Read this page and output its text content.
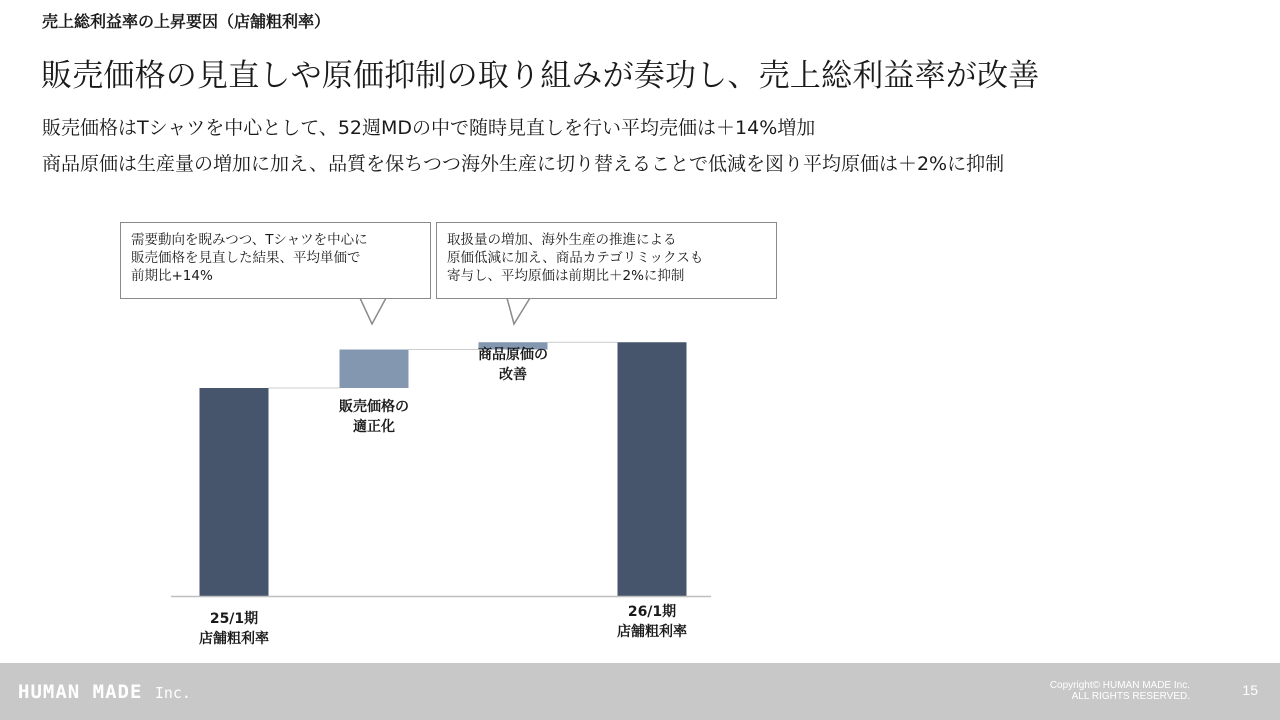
売上総利益率の上昇要因（店舗粗利率）
販売価格の見直しや原価抑制の取り組みが奏功し、売上総利益率が改善
販売価格はTシャツを中心として、52週MDの中で随時見直しを行い平均売価は＋14%増加
商品原価は生産量の増加に加え、品質を保ちつつ海外生産に切り替えることで低減を図り平均原価は＋2%に抑制
需要動向を睨みつつ、Tシャツを中心に
販売価格を見直した結果、平均単価で
前期比+14%
取扱量の増加、海外生産の推進による
原価低減に加え、商品カテゴリミックスも
寄与し、平均原価は前期比＋2%に抑制
25/1期
店舗粗利率
販売価格の
適正化
商品原価の
改善
26/1期
店舗粗利率
HUMAN MADE Inc.	Copyright© HUMAN MADE Inc.
ALL RIGHTS RESERVED.	15
